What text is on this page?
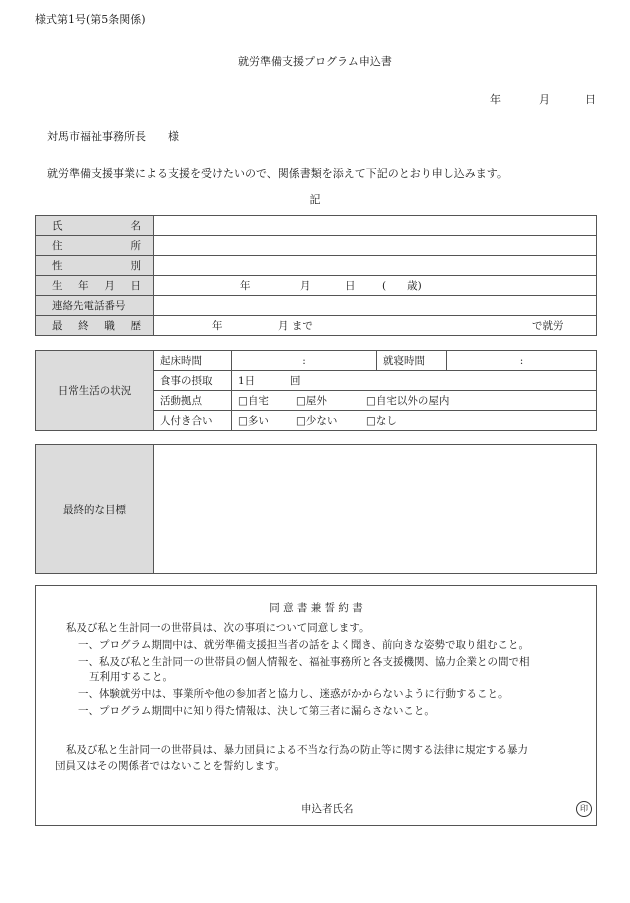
様式第1号(第5条関係)
就労準備支援プログラム申込書
年	月	日
対馬市福祉事務所長　　様
就労準備支援事業による支援を受けたいので、関係書類を添えて下記のとおり申し込みます。
記
氏　名	
住　所	
性　別	
生 年 月 日	年 月 日 (　　歳)

連絡先電話番号	
最 終 職 歴	年 月 まで で就労
日常生活の状況	起床時間	:	就寝時間	:
	食事の摂取	1日 回		

	活動拠点	□自宅 □屋外 □自宅以外の屋内		

	人付き合い	□多い □少ない □なし		
最終的な目標	
同 意 書 兼 誓 約 書
私及び私と生計同一の世帯員は、次の事項について同意します。
一、プログラム期間中は、就労準備支援担当者の話をよく聞き、前向きな姿勢で取り組むこと。
一、私及び私と生計同一の世帯員の個人情報を、福祉事務所と各支援機関、協力企業との間で相
互利用すること。
一、体験就労中は、事業所や他の参加者と協力し、迷惑がかからないように行動すること。
一、プログラム期間中に知り得た情報は、決して第三者に漏らさないこと。
私及び私と生計同一の世帯員は、暴力団員による不当な行為の防止等に関する法律に規定する暴力
団員又はその関係者ではないことを誓約します。
申込者氏名	印
